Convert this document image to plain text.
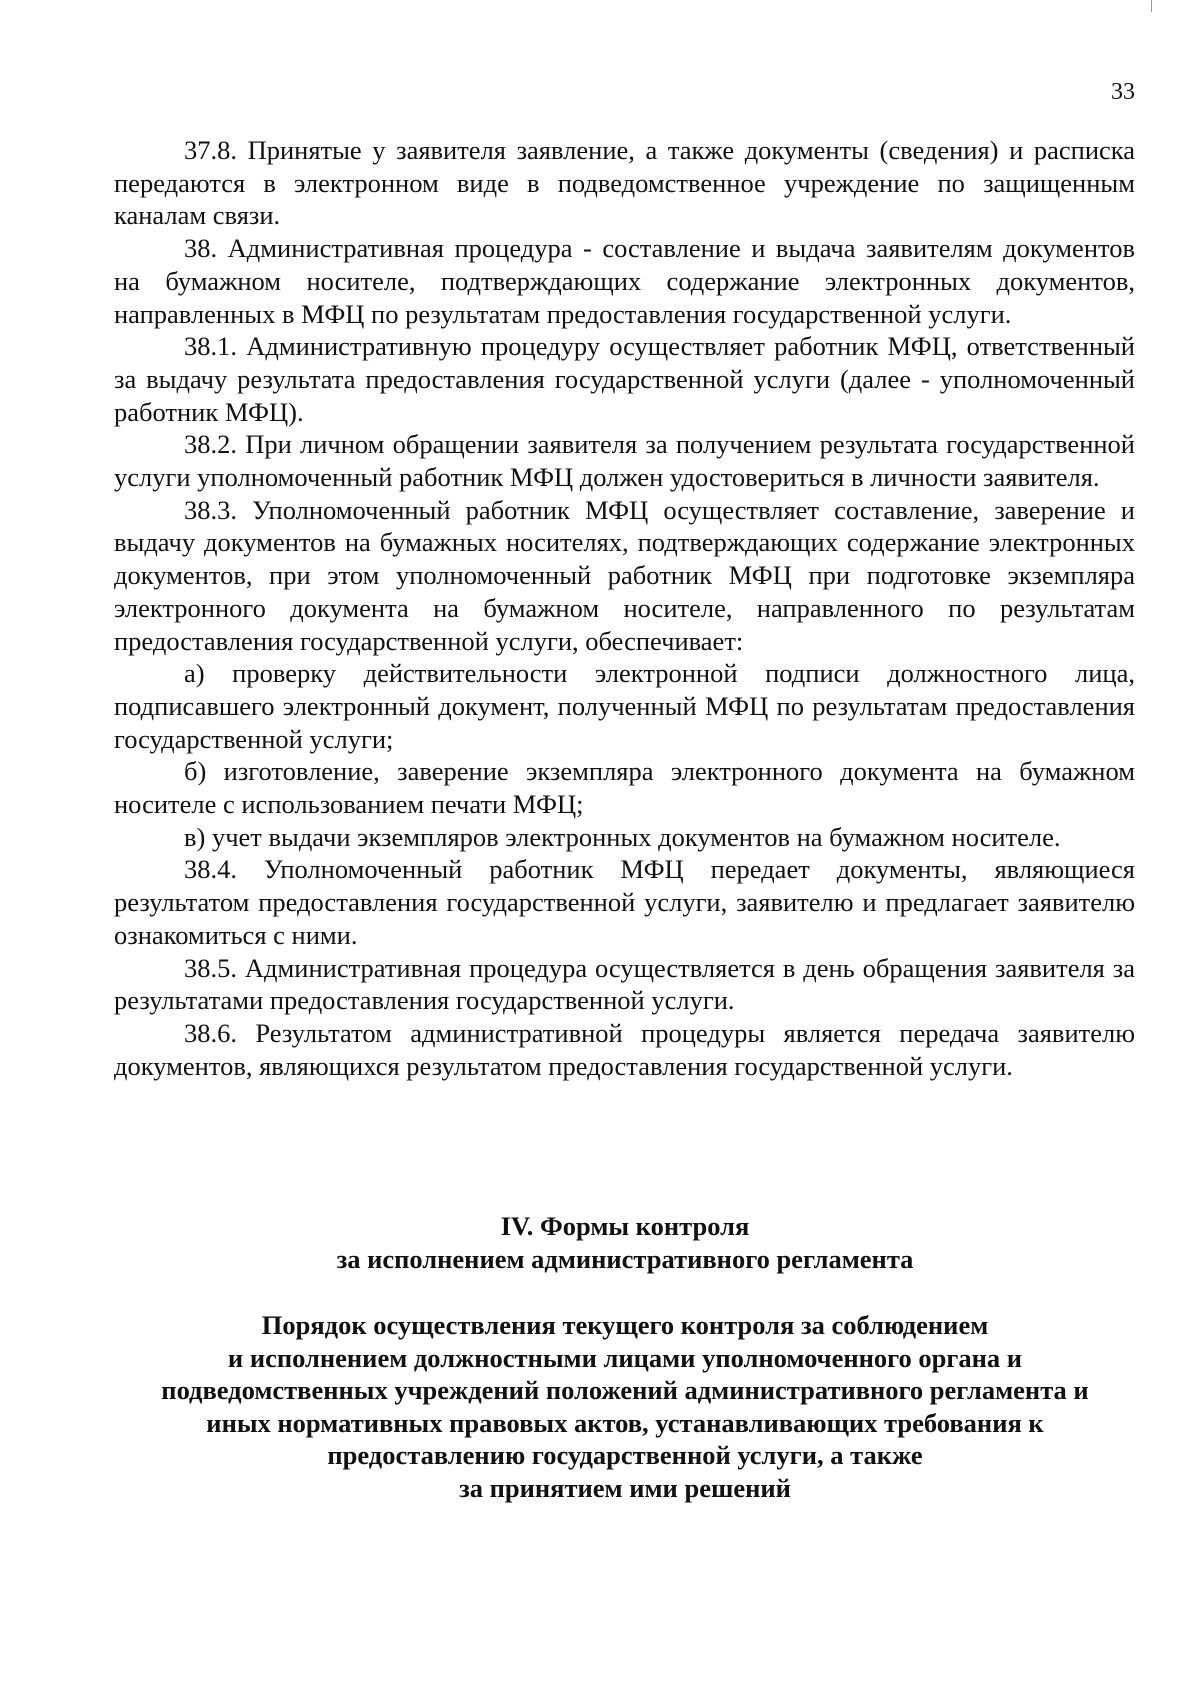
33

37.8. Принятые у заявителя заявление, а также документы (сведения) и расписка передаются в электронном виде в подведомственное учреждение по защищенным каналам связи.

38. Административная процедура - составление и выдача заявителям документов на бумажном носителе, подтверждающих содержание электронных документов, направленных в МФЦ по результатам предоставления государственной услуги.

38.1. Административную процедуру осуществляет работник МФЦ, ответственный за выдачу результата предоставления государственной услуги (далее - уполномоченный работник МФЦ).

38.2. При личном обращении заявителя за получением результата государственной услуги уполномоченный работник МФЦ должен удостовериться в личности заявителя.

38.3. Уполномоченный работник МФЦ осуществляет составление, заверение и выдачу документов на бумажных носителях, подтверждающих содержание электронных документов, при этом уполномоченный работник МФЦ при подготовке экземпляра электронного документа на бумажном носителе, направленного по результатам предоставления государственной услуги, обеспечивает:

а) проверку действительности электронной подписи должностного лица, подписавшего электронный документ, полученный МФЦ по результатам предоставления государственной услуги;

б) изготовление, заверение экземпляра электронного документа на бумажном носителе с использованием печати МФЦ;

в) учет выдачи экземпляров электронных документов на бумажном носителе.

38.4. Уполномоченный работник МФЦ передает документы, являющиеся результатом предоставления государственной услуги, заявителю и предлагает заявителю ознакомиться с ними.

38.5. Административная процедура осуществляется в день обращения заявителя за результатами предоставления государственной услуги.

38.6. Результатом административной процедуры является передача заявителю документов, являющихся результатом предоставления государственной услуги.

IV. Формы контроля
за исполнением административного регламента
Порядок осуществления текущего контроля за соблюдением
и исполнением должностными лицами уполномоченного органа и
подведомственных учреждений положений административного регламента и
иных нормативных правовых актов, устанавливающих требования к
предоставлению государственной услуги, а также
за принятием ими решений
